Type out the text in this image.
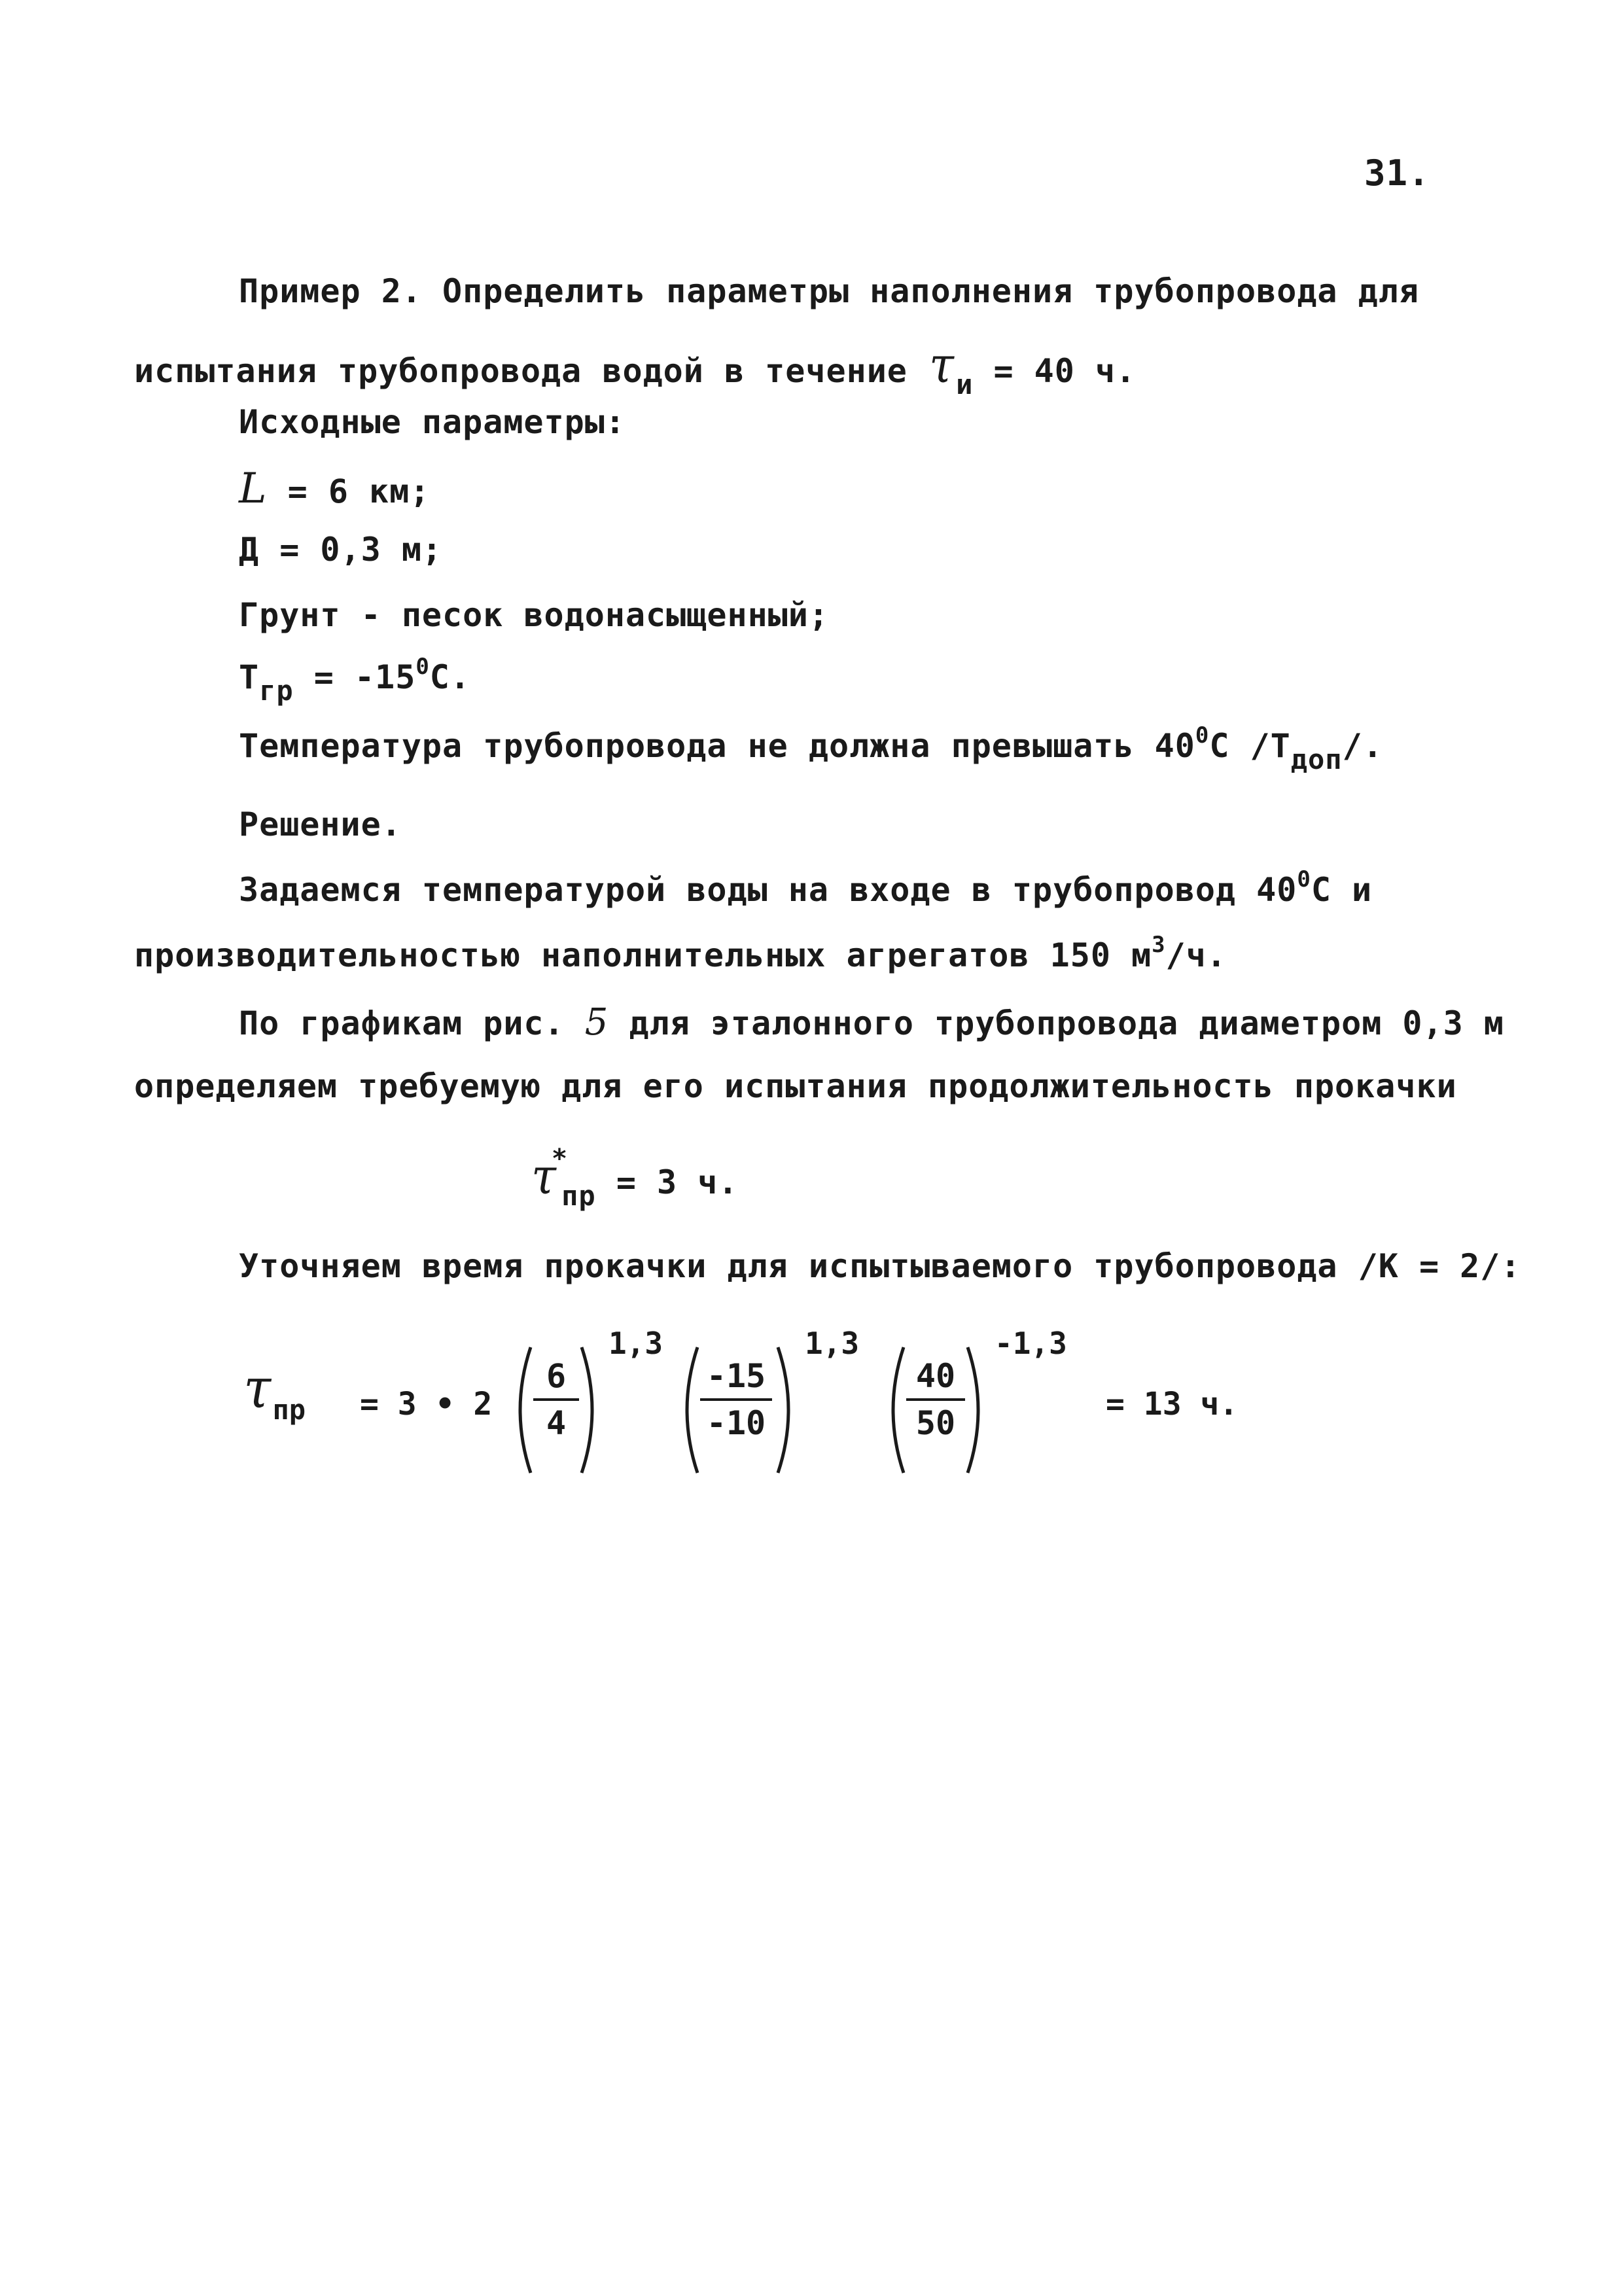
31.
Пример 2. Определить параметры наполнения трубопровода для
испытания трубопровода водой в течение $\tau_и = 40$ ч.
Исходные параметры:
L = 6 км;
Д = 0,3 м;
Грунт - песок водонасыщенный;
$Т_{гр} = -15^0С$.
Температура трубопровода не должна превышать $40^0С$ $/Т_{доп}/$.
Решение.
Задаемся температурой воды на входе в трубопровод $40^0С$ и
производительностью наполнительных агрегатов 150 $м^3/ч$.
По графикам рис. 5 для эталонного трубопровода диаметром 0,3 м
определяем требуемую для его испытания продолжительность прокачки
$\tau^*_{пр} = 3$ ч.
Уточняем время прокачки для испытываемого трубопровода /К = 2/:
$\tau_{пр} = 3$ • 2
6
4
1,3
-15
-10
1,3
40
50
-1,3
= 13 ч.
